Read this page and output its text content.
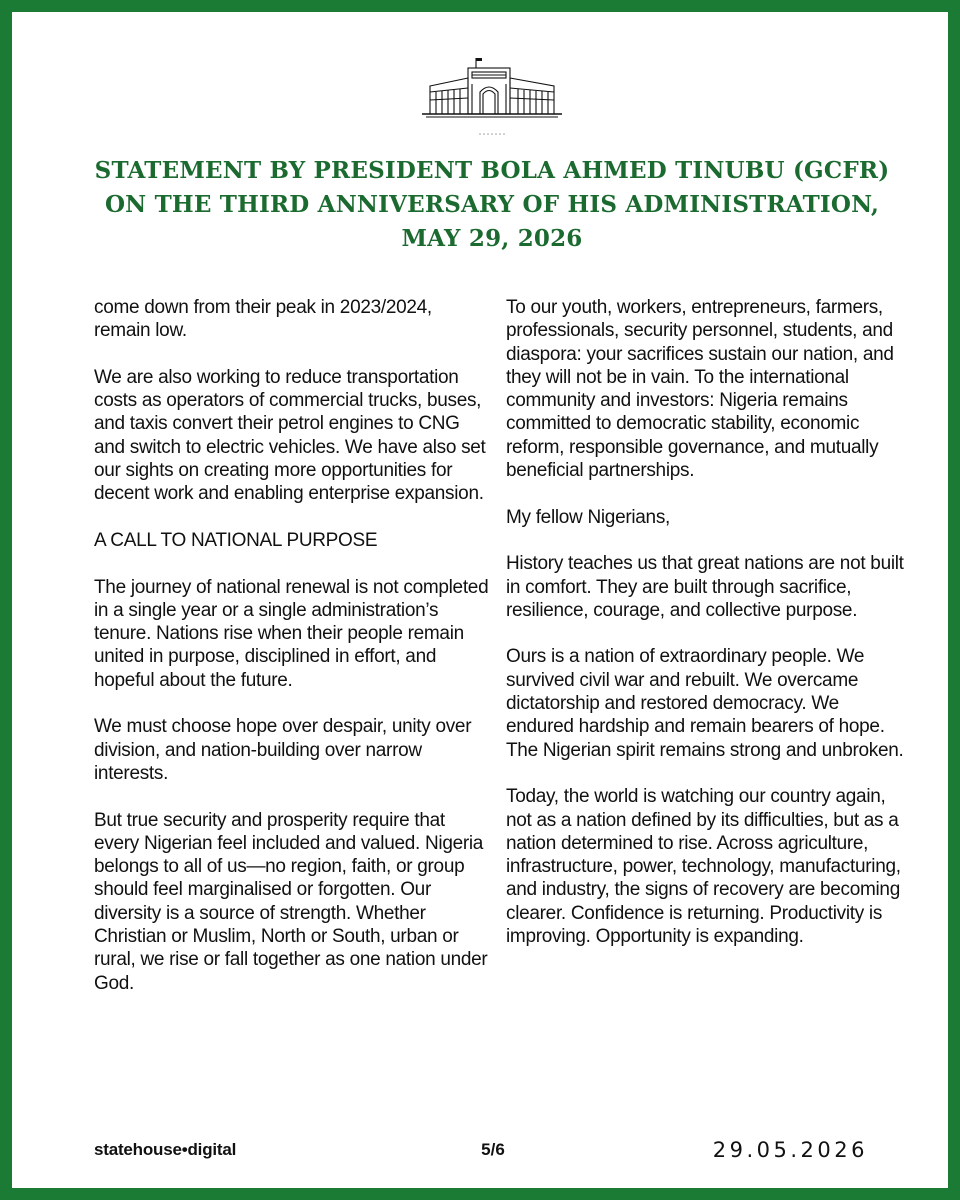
STATEMENT BY PRESIDENT BOLA AHMED TINUBU (GCFR)
ON THE THIRD ANNIVERSARY OF HIS ADMINISTRATION,
MAY 29, 2026

come down from their peak in 2023/2024, remain low.

We are also working to reduce transportation costs as operators of commercial trucks, buses, and taxis convert their petrol engines to CNG and switch to electric vehicles. We have also set our sights on creating more opportunities for decent work and enabling enterprise expansion.

A CALL TO NATIONAL PURPOSE

The journey of national renewal is not completed in a single year or a single administration’s tenure. Nations rise when their people remain united in purpose, disciplined in effort, and hopeful about the future.

We must choose hope over despair, unity over division, and nation-building over narrow interests.

But true security and prosperity require that every Nigerian feel included and valued. Nigeria belongs to all of us—no region, faith, or group should feel marginalised or forgotten. Our diversity is a source of strength. Whether Christian or Muslim, North or South, urban or rural, we rise or fall together as one nation under God.

To our youth, workers, entrepreneurs, farmers, professionals, security personnel, students, and diaspora: your sacrifices sustain our nation, and they will not be in vain. To the international community and investors: Nigeria remains committed to democratic stability, economic reform, responsible governance, and mutually beneficial partnerships.

My fellow Nigerians,

History teaches us that great nations are not built in comfort. They are built through sacrifice, resilience, courage, and collective purpose.

Ours is a nation of extraordinary people. We survived civil war and rebuilt. We overcame dictatorship and restored democracy. We endured hardship and remain bearers of hope. The Nigerian spirit remains strong and unbroken.

Today, the world is watching our country again, not as a nation defined by its difficulties, but as a nation determined to rise. Across agriculture, infrastructure, power, technology, manufacturing, and industry, the signs of recovery are becoming clearer. Confidence is returning. Productivity is improving. Opportunity is expanding.

statehouse•digital	5/6	29.05.2026
